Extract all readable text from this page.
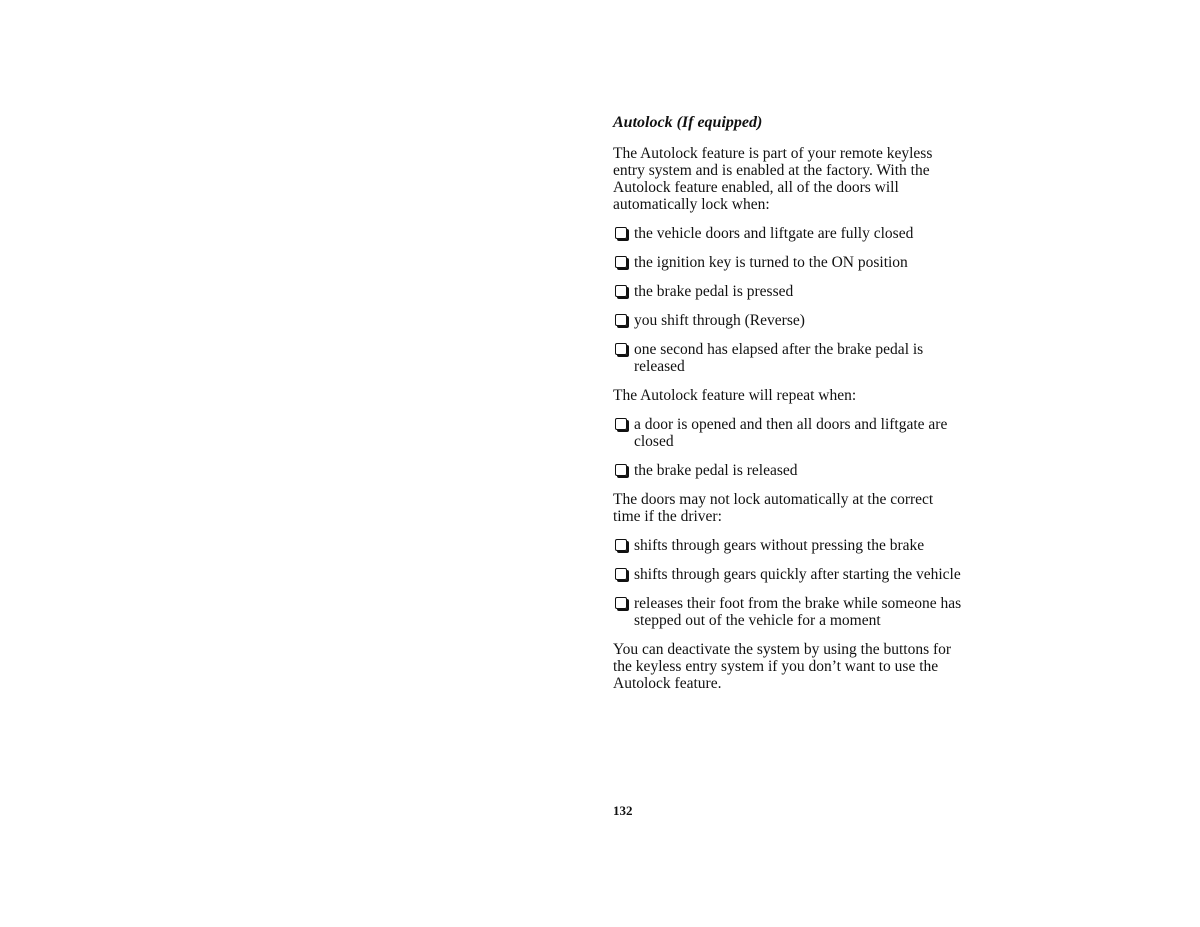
Autolock (If equipped)
The Autolock feature is part of your remote keyless entry system and is enabled at the factory. With the Autolock feature enabled, all of the doors will automatically lock when:
the vehicle doors and liftgate are fully closed
the ignition key is turned to the ON position
the brake pedal is pressed
you shift through (Reverse)
one second has elapsed after the brake pedal is released
The Autolock feature will repeat when:
a door is opened and then all doors and liftgate are closed
the brake pedal is released
The doors may not lock automatically at the correct time if the driver:
shifts through gears without pressing the brake
shifts through gears quickly after starting the vehicle
releases their foot from the brake while someone has stepped out of the vehicle for a moment
You can deactivate the system by using the buttons for the keyless entry system if you don’t want to use the Autolock feature.
132
